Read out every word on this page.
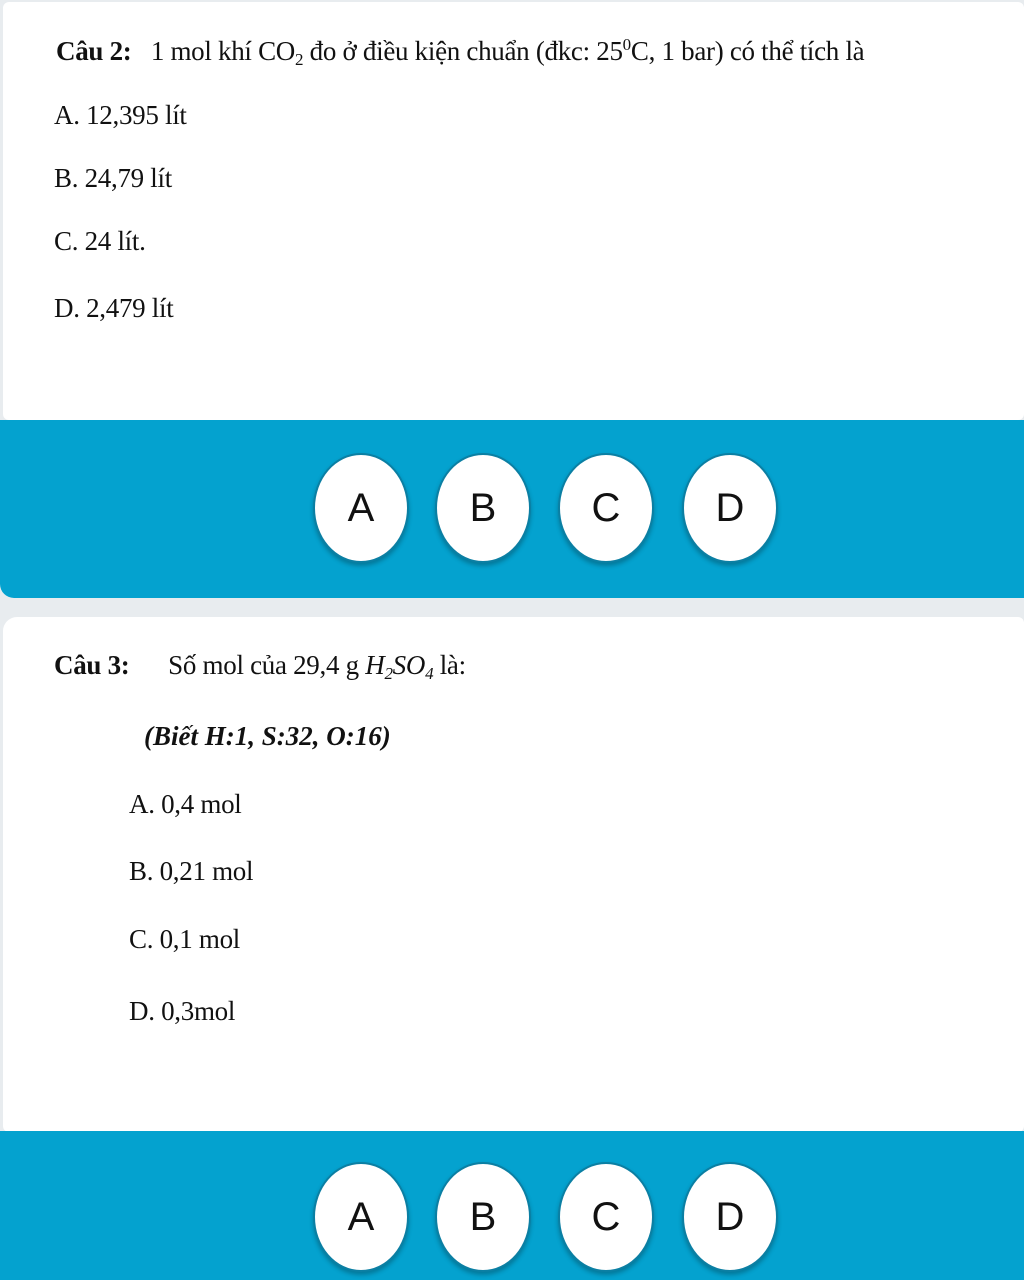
Câu 2: 1 mol khí $CO_2$ đo ở điều kiện chuẩn (đkc: $25^0C$, 1 bar) có thể tích là
A. 12,395 lít
B. 24,79 lít
C. 24 lít.
D. 2,479 lít
A	B	C	D
Câu 3: Số mol của 29,4 g $H_2SO_4$ là:
(Biết H:1, S:32, O:16)
A. 0,4 mol
B. 0,21 mol
C. 0,1 mol
D. 0,3mol
A	B	C	D
